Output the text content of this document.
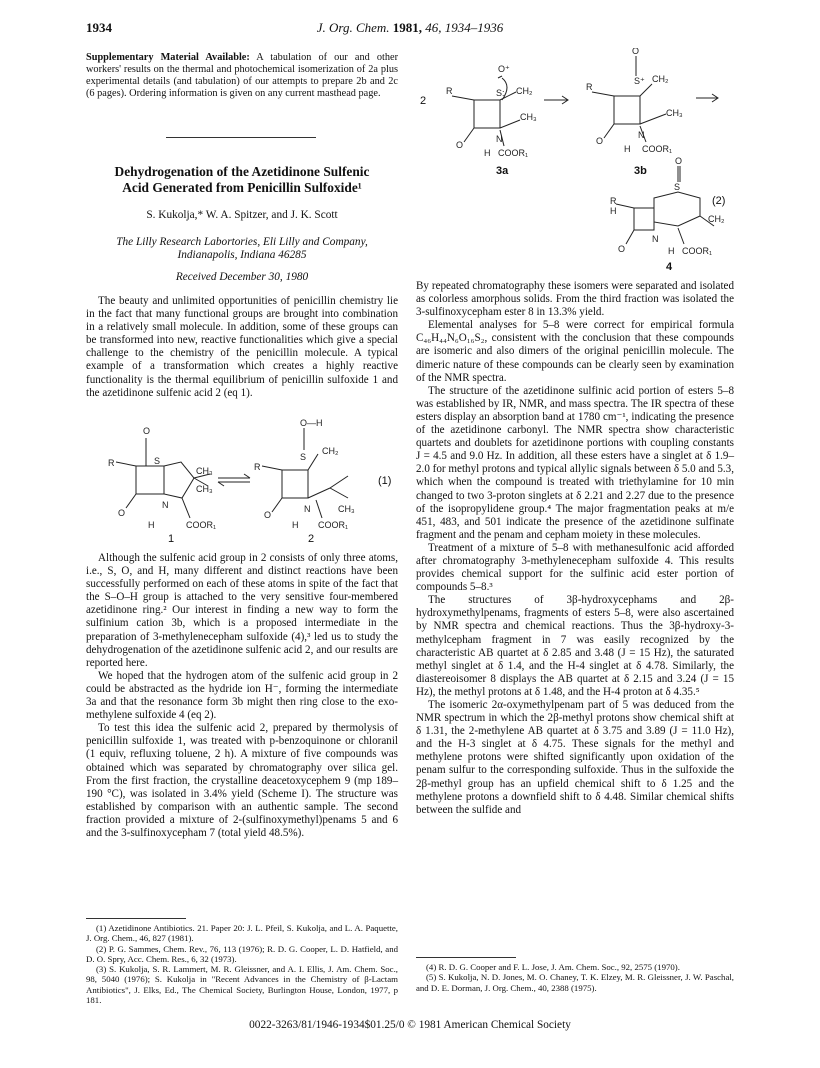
1934	J. Org. Chem. 1981, 46, 1934–1936

Supplementary Material Available: A tabulation of our and other workers' results on the thermal and photochemical isomerization of 2a plus experimental details (and tabulation) of our attempts to prepare 2b and 2c (6 pages). Ordering information is given on any current masthead page.

Dehydrogenation of the Azetidinone Sulfenic
Acid Generated from Penicillin Sulfoxide¹
S. Kukolja,* W. A. Spitzer, and J. K. Scott
The Lilly Research Labortories, Eli Lilly and Company,
Indianapolis, Indiana 46285
Received December 30, 1980

The beauty and unlimited opportunities of penicillin chemistry lie in the fact that many functional groups are brought into combination in a relatively small molecule. In addition, some of these groups can be transformed into new, reactive functionalities which give a special challenge to the chemistry of the penicillin molecule. A typical example of a transformation which creates a highly reactive functionality is the thermal equilibrium of penicillin sulfoxide 1 and the azetidinone sulfenic acid 2 (eq 1).

O
S
R
CH₃
CH₃
O
N
COOR₁
H
O—H
S
CH₂
CH₃
R
O
N
COOR₁
H
1	2
(1)

Although the sulfenic acid group in 2 consists of only three atoms, i.e., S, O, and H, many different and distinct reactions have been successfully performed on each of these atoms in spite of the fact that the S–O–H group is attached to the very sensitive four-membered azetidinone ring.² Our interest in finding a new way to form the sulfinium cation 3b, which is a proposed intermediate in the preparation of 3-methylenecepham sulfoxide (4),³ led us to study the dehydrogenation of the azetidinone sulfenic acid 2, and our results are reported here.

We hoped that the hydrogen atom of the sulfenic acid group in 2 could be abstracted as the hydride ion H⁻, forming the intermediate 3a and that the resonance form 3b might then ring close to the exo-methylene sulfoxide 4 (eq 2).

To test this idea the sulfenic acid 2, prepared by thermolysis of penicillin sulfoxide 1, was treated with p-benzoquinone or chloranil (1 equiv, refluxing toluene, 2 h). A mixture of five compounds was obtained which was separated by chromatography over silica gel. From the first fraction, the crystalline deacetoxycephem 9 (mp 189–190 °C), was isolated in 3.4% yield (Scheme I). The structure was established by comparison with an authentic sample. The second fraction provided a mixture of 2-(sulfinoxymethyl)penams 5 and 6 and the 3-sulfinoxycepham 7 (total yield 48.5%).

(1) Azetidinone Antibiotics. 21. Paper 20: J. L. Pfeil, S. Kukolja, and L. A. Paquette, J. Org. Chem., 46, 827 (1981).
(2) P. G. Sammes, Chem. Rev., 76, 113 (1976); R. D. G. Cooper, L. D. Hatfield, and D. O. Spry, Acc. Chem. Res., 6, 32 (1973).
(3) S. Kukolja, S. R. Lammert, M. R. Gleissner, and A. I. Ellis, J. Am. Chem. Soc., 98, 5040 (1976); S. Kukolja in "Recent Advances in the Chemistry of β-Lactam Antibiotics", J. Elks, Ed., The Chemical Society, Burlington House, London, 1977, p 181.
O⁺
S: CH₂
CH₃
R
O
N
H COOR₁
O
S⁺ CH₂
CH₃
R
O
N
H COOR₁
O
S
CH₂
R
H
O
N
H COOR₁
2
3a	3b
4
(2)

By repeated chromatography these isomers were separated and isolated as colorless amorphous solids. From the third fraction was isolated the 3-sulfinoxycepham ester 8 in 13.3% yield.

Elemental analyses for 5–8 were correct for empirical formula C₄₆H₄₄N₆O₁₆S₂, consistent with the conclusion that these compounds are isomeric and also dimers of the original penicillin molecule. The dimeric nature of these compounds can be clearly seen by examination of the NMR spectra.

The structure of the azetidinone sulfinic acid portion of esters 5–8 was established by IR, NMR, and mass spectra. The IR spectra of these esters display an absorption band at 1780 cm⁻¹, indicating the presence of the azetidinone carbonyl. The NMR spectra show characteristic quartets and doublets for azetidinone portions with coupling constants J = 4.5 and 9.0 Hz. In addition, all these esters have a singlet at δ 1.9–2.0 for methyl protons and typical allylic signals between δ 5.0 and 5.3, which when the compound is treated with triethylamine for 10 min changed to two 3-proton singlets at δ 2.21 and 2.27 due to the presence of the isopropylidene group.⁴ The major fragmentation peaks at m/e 451, 483, and 501 indicate the presence of the azetidinone sulfinate fragment and the penam and cepham moiety in these molecules.

Treatment of a mixture of 5–8 with methanesulfonic acid afforded after chromatography 3-methylenecepham sulfoxide 4. This results provides chemical support for the sulfinic acid ester portion of compounds 5–8.³

The structures of 3β-hydroxycephams and 2β-hydroxymethylpenams, fragments of esters 5–8, were also ascertained by NMR spectra and chemical reactions. Thus the 3β-hydroxy-3-methylcepham fragment in 7 was easily recognized by the characteristic AB quartet at δ 2.85 and 3.48 (J = 15 Hz), the saturated methyl singlet at δ 1.4, and the H-4 singlet at δ 4.78. Similarly, the diastereoisomer 8 displays the AB quartet at δ 2.15 and 3.24 (J = 15 Hz), the methyl protons at δ 1.48, and the H-4 proton at δ 4.35.⁵

The isomeric 2α-oxymethylpenam part of 5 was deduced from the NMR spectrum in which the 2β-methyl protons show chemical shift at δ 1.31, the 2-methylene AB quartet at δ 3.75 and 3.89 (J = 11.0 Hz), and the H-3 singlet at δ 4.75. These signals for the methyl and methylene protons were shifted significantly upon oxidation of the penam sulfur to the corresponding sulfoxide. Thus in the sulfoxide the 2β-methyl group has an upfield chemical shift to δ 1.25 and the methylene protons a downfield shift to δ 4.48. Similar chemical shifts between the sulfide and

(4) R. D. G. Cooper and F. L. Jose, J. Am. Chem. Soc., 92, 2575 (1970).
(5) S. Kukolja, N. D. Jones, M. O. Chaney, T. K. Elzey, M. R. Gleissner, J. W. Paschal, and D. E. Dorman, J. Org. Chem., 40, 2388 (1975).
0022-3263/81/1946-1934$01.25/0 © 1981 American Chemical Society
